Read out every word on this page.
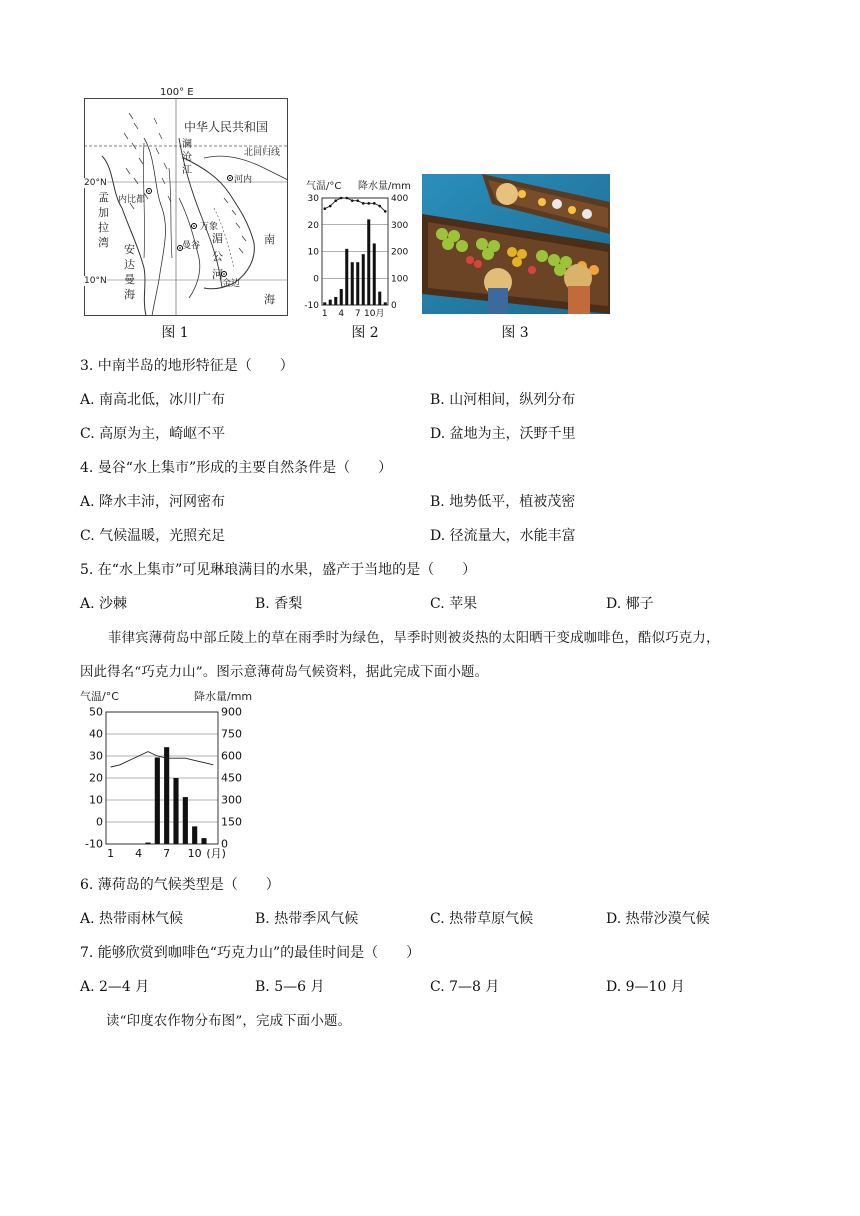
100° E
中华人民共和国
北回归线
20°N
10°N
内比都
河内
万象
曼谷
金边
孟
加
拉
湾
安
达
曼
海
南
海
澜
沧
江
湄
公
河
图 1
气温/°C 降水量/mm
30	400
20	300
10	200
0	100
-10	0
1 4 7 10月
图 2	图 3
3. 中南半岛的地形特征是（　　）
A. 南高北低，冰川广布	B. 山河相间，纵列分布
C. 高原为主，崎岖不平	D. 盆地为主，沃野千里
4. 曼谷“水上集市”形成的主要自然条件是（　　）
A. 降水丰沛，河网密布	B. 地势低平，植被茂密
C. 气候温暖，光照充足	D. 径流量大，水能丰富
5. 在“水上集市”可见琳琅满目的水果，盛产于当地的是（　　）
A. 沙棘	B. 香梨	C. 苹果	D. 椰子
菲律宾薄荷岛中部丘陵上的草在雨季时为绿色，旱季时则被炎热的太阳晒干变成咖啡色，酷似巧克力，
因此得名“巧克力山”。图示意薄荷岛气候资料，据此完成下面小题。
气温/°C	降水量/mm
50	900
40	750
30	600
20	450
10	300
0	150
-10	0
1 4 7 10 (月)
6. 薄荷岛的气候类型是（　　）
A. 热带雨林气候	B. 热带季风气候	C. 热带草原气候	D. 热带沙漠气候
7. 能够欣赏到咖啡色“巧克力山”的最佳时间是（　　）
A. 2—4 月	B. 5—6 月	C. 7—8 月	D. 9—10 月
读“印度农作物分布图”，完成下面小题。
